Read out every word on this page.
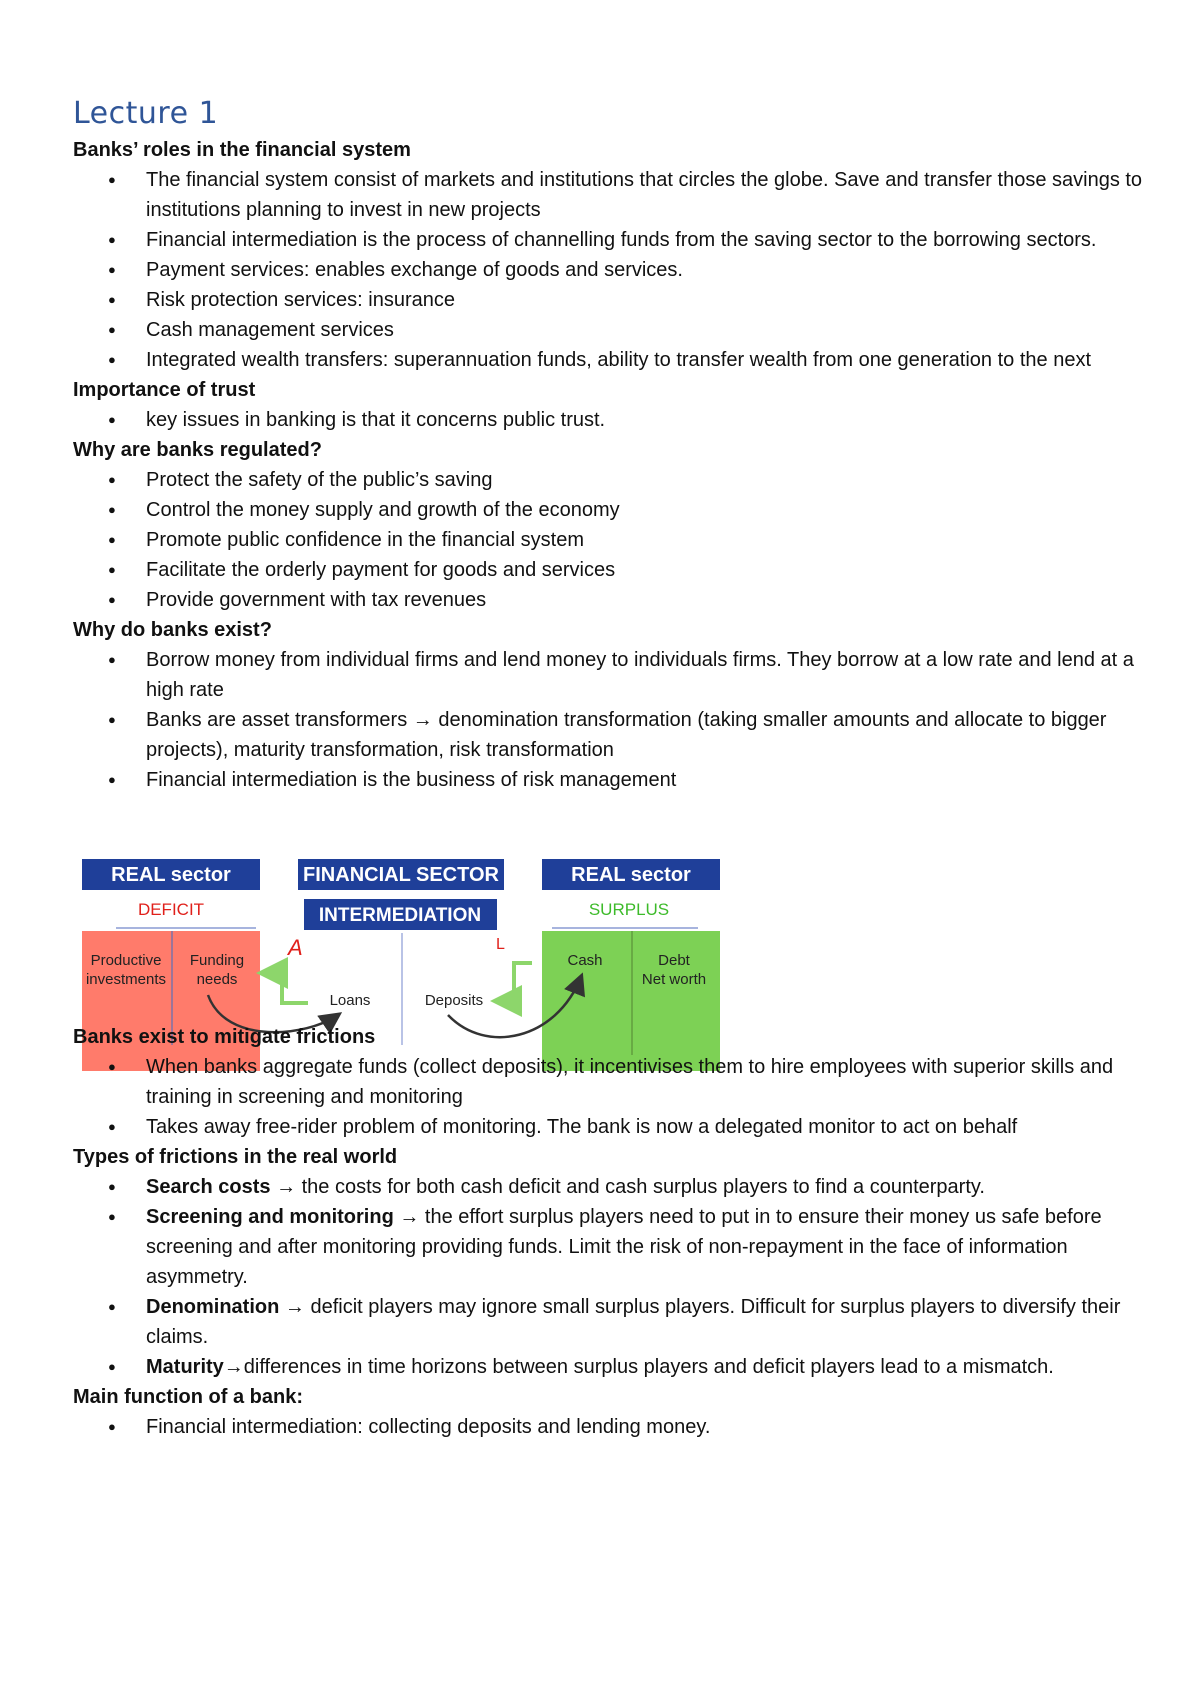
Lecture 1

Banks’ roles in the financial system

● The financial system consist of markets and institutions that circles the globe. Save and transfer those savings to institutions planning to invest in new projects
● Financial intermediation is the process of channelling funds from the saving sector to the borrowing sectors.
● Payment services: enables exchange of goods and services.
● Risk protection services: insurance
● Cash management services
● Integrated wealth transfers: superannuation funds, ability to transfer wealth from one generation to the next

Importance of trust

● key issues in banking is that it concerns public trust.

Why are banks regulated?

● Protect the safety of the public’s saving
● Control the money supply and growth of the economy
● Promote public confidence in the financial system
● Facilitate the orderly payment for goods and services
● Provide government with tax revenues

Why do banks exist?

● Borrow money from individual firms and lend money to individuals firms. They borrow at a low rate and lend at a high rate
● Banks are asset transformers → denomination transformation (taking smaller amounts and allocate to bigger projects), maturity transformation, risk transformation
● Financial intermediation is the business of risk management
REAL sector
DEFICIT
Productive
investments
Funding
needs
FINANCIAL SECTOR
INTERMEDIATION
A	L
Loans	Deposits
REAL sector
SURPLUS
Cash	Debt
Net worth

Banks exist to mitigate frictions

● When banks aggregate funds (collect deposits), it incentivises them to hire employees with superior skills and training in screening and monitoring
● Takes away free-rider problem of monitoring. The bank is now a delegated monitor to act on behalf

Types of frictions in the real world

● Search costs → the costs for both cash deficit and cash surplus players to find a counterparty.
● Screening and monitoring → the effort surplus players need to put in to ensure their money us safe before screening and after monitoring providing funds. Limit the risk of non-repayment in the face of information asymmetry.
● Denomination → deficit players may ignore small surplus players. Difficult for surplus players to diversify their claims.
● Maturity→differences in time horizons between surplus players and deficit players lead to a mismatch.

Main function of a bank:

● Financial intermediation: collecting deposits and lending money.
